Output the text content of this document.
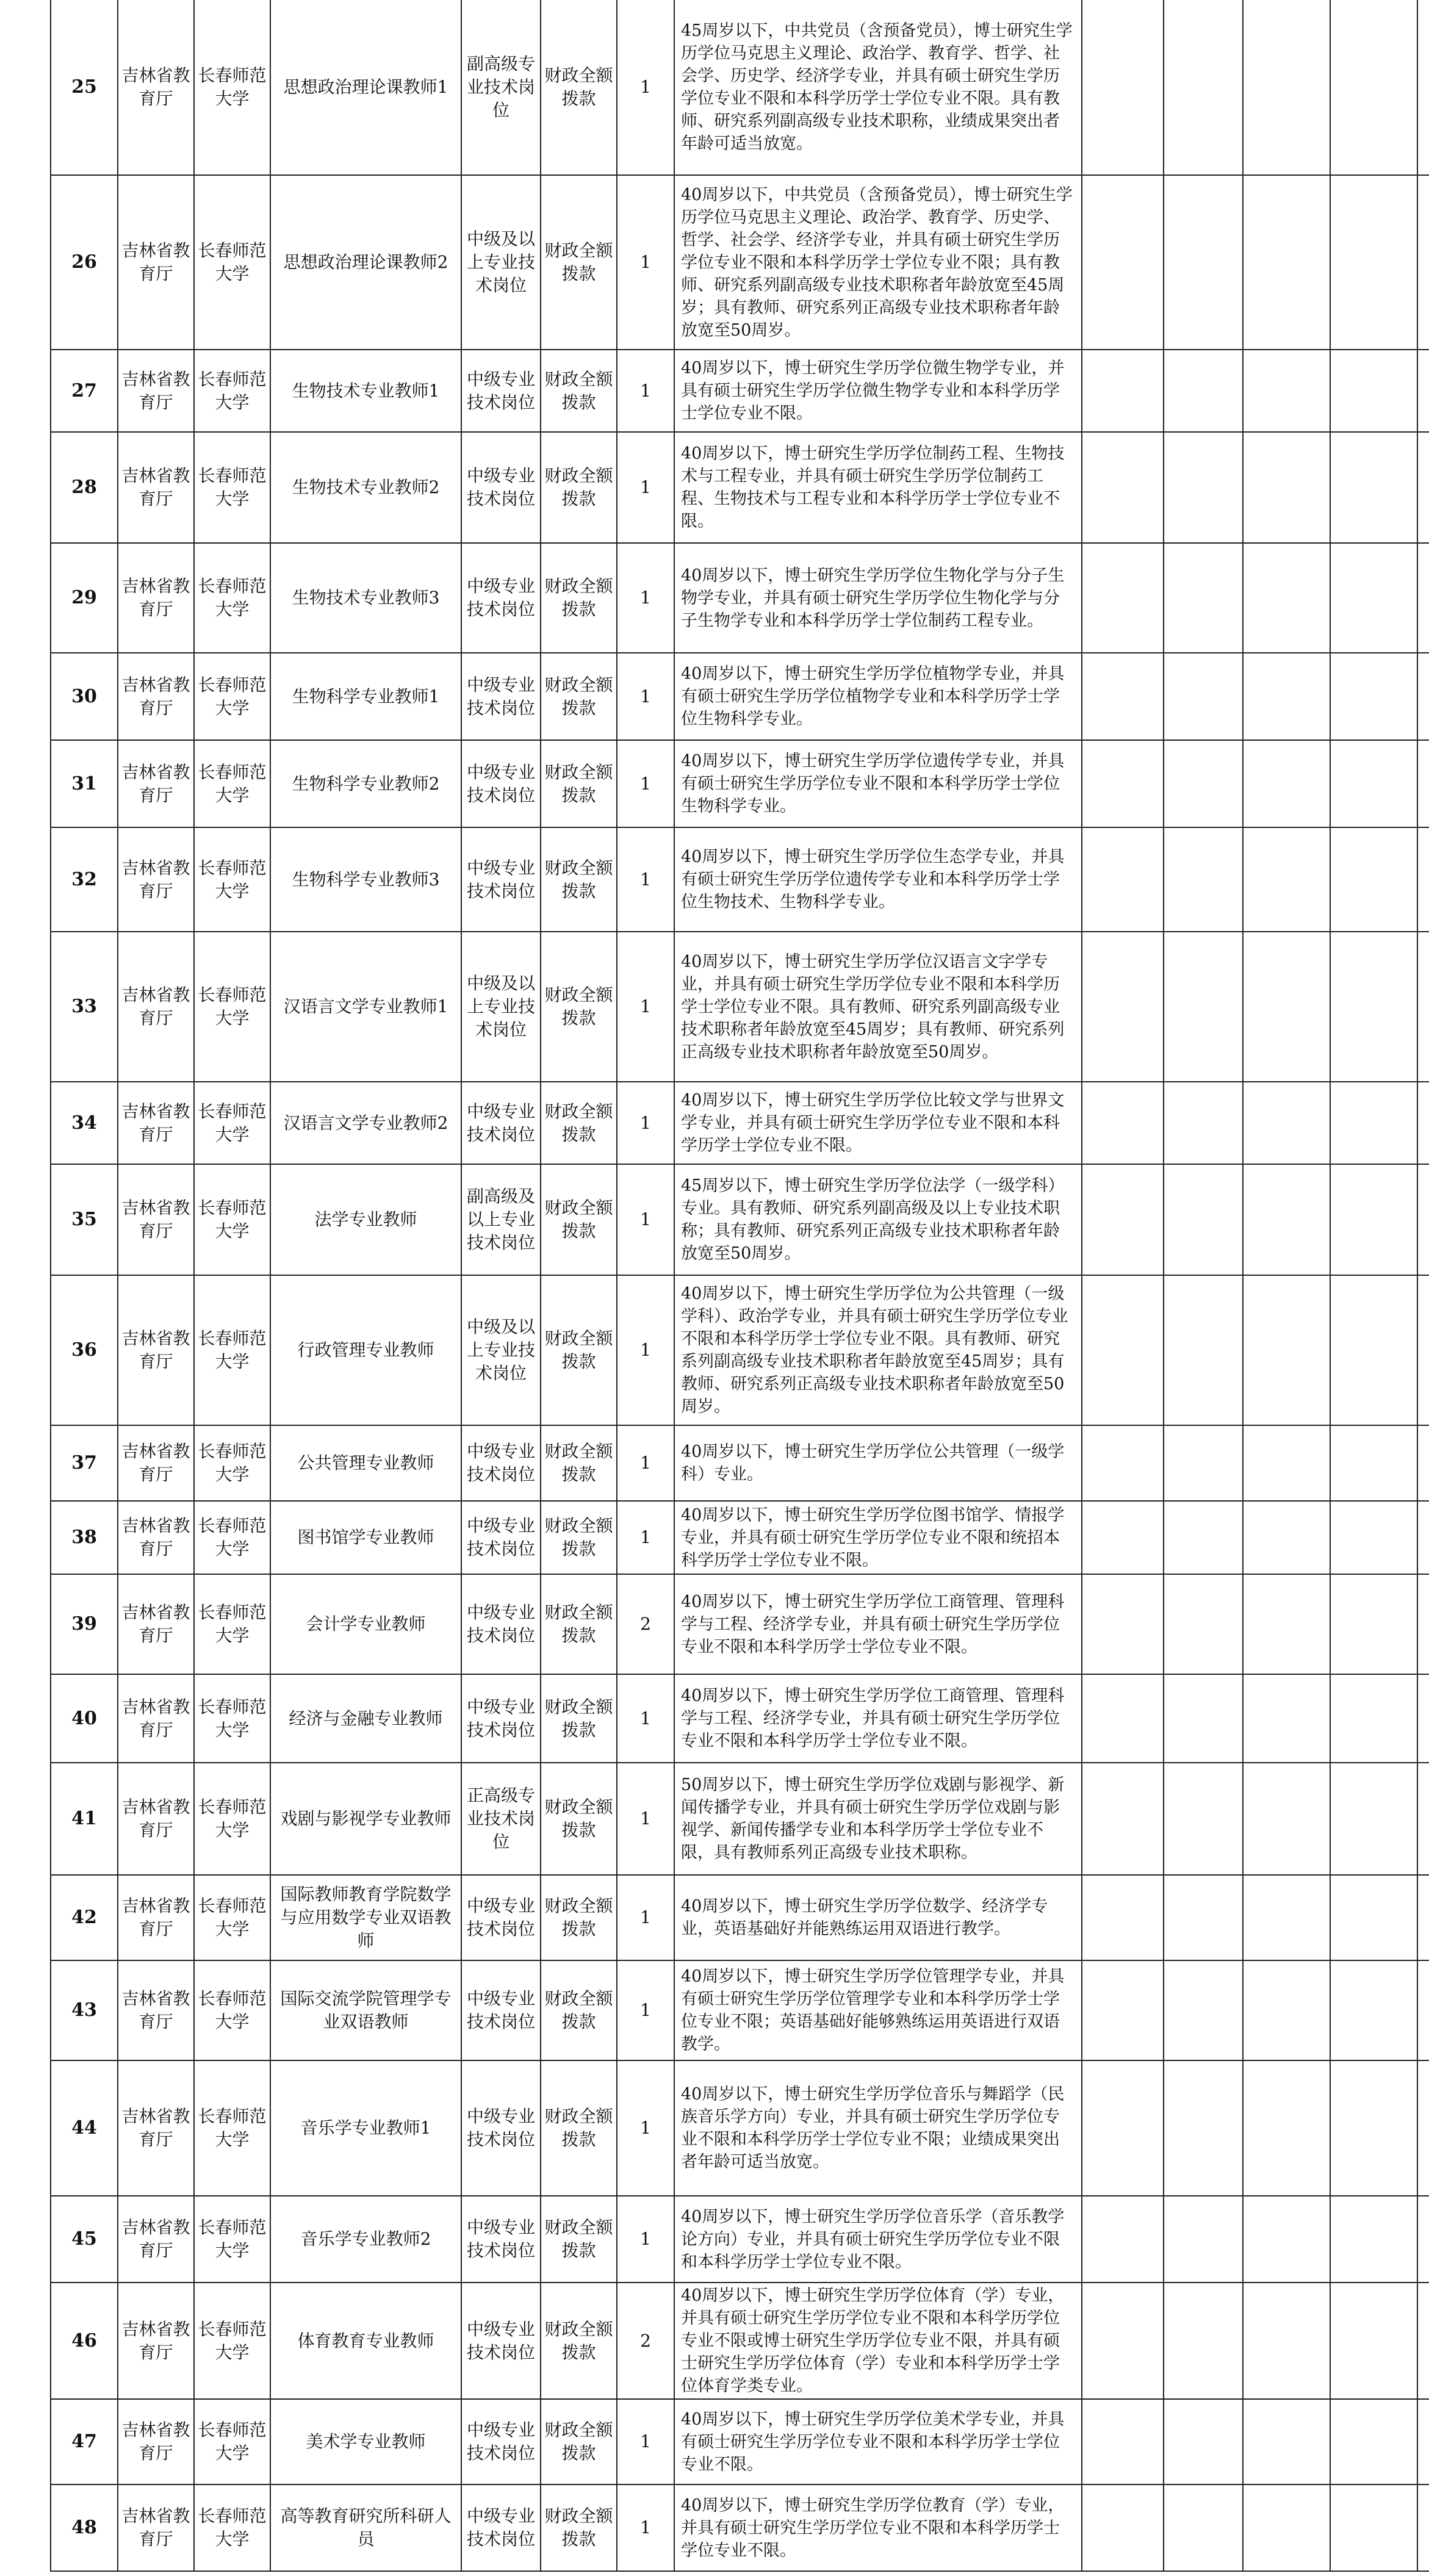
25	吉林省教育厅	长春师范大学	思想政治理论课教师1	副高级专业技术岗位	财政全额拨款	1	45周岁以下，中共党员（含预备党员），博士研究生学历学位马克思主义理论、政治学、教育学、哲学、社会学、历史学、经济学专业，并具有硕士研究生学历学位专业不限和本科学历学士学位专业不限。具有教师、研究系列副高级专业技术职称，业绩成果突出者年龄可适当放宽。					
26	吉林省教育厅	长春师范大学	思想政治理论课教师2	中级及以上专业技术岗位	财政全额拨款	1	40周岁以下，中共党员（含预备党员），博士研究生学历学位马克思主义理论、政治学、教育学、历史学、哲学、社会学、经济学专业，并具有硕士研究生学历学位专业不限和本科学历学士学位专业不限；具有教师、研究系列副高级专业技术职称者年龄放宽至45周岁；具有教师、研究系列正高级专业技术职称者年龄放宽至50周岁。					
27	吉林省教育厅	长春师范大学	生物技术专业教师1	中级专业技术岗位	财政全额拨款	1	40周岁以下，博士研究生学历学位微生物学专业，并具有硕士研究生学历学位微生物学专业和本科学历学士学位专业不限。					
28	吉林省教育厅	长春师范大学	生物技术专业教师2	中级专业技术岗位	财政全额拨款	1	40周岁以下，博士研究生学历学位制药工程、生物技术与工程专业，并具有硕士研究生学历学位制药工程、生物技术与工程专业和本科学历学士学位专业不限。					
29	吉林省教育厅	长春师范大学	生物技术专业教师3	中级专业技术岗位	财政全额拨款	1	40周岁以下，博士研究生学历学位生物化学与分子生物学专业，并具有硕士研究生学历学位生物化学与分子生物学专业和本科学历学士学位制药工程专业。					
30	吉林省教育厅	长春师范大学	生物科学专业教师1	中级专业技术岗位	财政全额拨款	1	40周岁以下，博士研究生学历学位植物学专业，并具有硕士研究生学历学位植物学专业和本科学历学士学位生物科学专业。					
31	吉林省教育厅	长春师范大学	生物科学专业教师2	中级专业技术岗位	财政全额拨款	1	40周岁以下，博士研究生学历学位遗传学专业，并具有硕士研究生学历学位专业不限和本科学历学士学位生物科学专业。					
32	吉林省教育厅	长春师范大学	生物科学专业教师3	中级专业技术岗位	财政全额拨款	1	40周岁以下，博士研究生学历学位生态学专业，并具有硕士研究生学历学位遗传学专业和本科学历学士学位生物技术、生物科学专业。					
33	吉林省教育厅	长春师范大学	汉语言文学专业教师1	中级及以上专业技术岗位	财政全额拨款	1	40周岁以下，博士研究生学历学位汉语言文字学专业，并具有硕士研究生学历学位专业不限和本科学历学士学位专业不限。具有教师、研究系列副高级专业技术职称者年龄放宽至45周岁；具有教师、研究系列正高级专业技术职称者年龄放宽至50周岁。					
34	吉林省教育厅	长春师范大学	汉语言文学专业教师2	中级专业技术岗位	财政全额拨款	1	40周岁以下，博士研究生学历学位比较文学与世界文学专业，并具有硕士研究生学历学位专业不限和本科学历学士学位专业不限。					
35	吉林省教育厅	长春师范大学	法学专业教师	副高级及以上专业技术岗位	财政全额拨款	1	45周岁以下，博士研究生学历学位法学（一级学科）专业。具有教师、研究系列副高级及以上专业技术职称；具有教师、研究系列正高级专业技术职称者年龄放宽至50周岁。					
36	吉林省教育厅	长春师范大学	行政管理专业教师	中级及以上专业技术岗位	财政全额拨款	1	40周岁以下，博士研究生学历学位为公共管理（一级学科）、政治学专业，并具有硕士研究生学历学位专业不限和本科学历学士学位专业不限。具有教师、研究系列副高级专业技术职称者年龄放宽至45周岁；具有教师、研究系列正高级专业技术职称者年龄放宽至50周岁。					
37	吉林省教育厅	长春师范大学	公共管理专业教师	中级专业技术岗位	财政全额拨款	1	40周岁以下，博士研究生学历学位公共管理（一级学科）专业。					
38	吉林省教育厅	长春师范大学	图书馆学专业教师	中级专业技术岗位	财政全额拨款	1	40周岁以下，博士研究生学历学位图书馆学、情报学专业，并具有硕士研究生学历学位专业不限和统招本科学历学士学位专业不限。					
39	吉林省教育厅	长春师范大学	会计学专业教师	中级专业技术岗位	财政全额拨款	2	40周岁以下，博士研究生学历学位工商管理、管理科学与工程、经济学专业，并具有硕士研究生学历学位专业不限和本科学历学士学位专业不限。					
40	吉林省教育厅	长春师范大学	经济与金融专业教师	中级专业技术岗位	财政全额拨款	1	40周岁以下，博士研究生学历学位工商管理、管理科学与工程、经济学专业，并具有硕士研究生学历学位专业不限和本科学历学士学位专业不限。					
41	吉林省教育厅	长春师范大学	戏剧与影视学专业教师	正高级专业技术岗位	财政全额拨款	1	50周岁以下，博士研究生学历学位戏剧与影视学、新闻传播学专业，并具有硕士研究生学历学位戏剧与影视学、新闻传播学专业和本科学历学士学位专业不限，具有教师系列正高级专业技术职称。					
42	吉林省教育厅	长春师范大学	国际教师教育学院数学与应用数学专业双语教师	中级专业技术岗位	财政全额拨款	1	40周岁以下，博士研究生学历学位数学、经济学专业，英语基础好并能熟练运用双语进行教学。					
43	吉林省教育厅	长春师范大学	国际交流学院管理学专业双语教师	中级专业技术岗位	财政全额拨款	1	40周岁以下，博士研究生学历学位管理学专业，并具有硕士研究生学历学位管理学专业和本科学历学士学位专业不限；英语基础好能够熟练运用英语进行双语教学。					
44	吉林省教育厅	长春师范大学	音乐学专业教师1	中级专业技术岗位	财政全额拨款	1	40周岁以下，博士研究生学历学位音乐与舞蹈学（民族音乐学方向）专业，并具有硕士研究生学历学位专业不限和本科学历学士学位专业不限；业绩成果突出者年龄可适当放宽。					
45	吉林省教育厅	长春师范大学	音乐学专业教师2	中级专业技术岗位	财政全额拨款	1	40周岁以下，博士研究生学历学位音乐学（音乐教学论方向）专业，并具有硕士研究生学历学位专业不限和本科学历学士学位专业不限。					
46	吉林省教育厅	长春师范大学	体育教育专业教师	中级专业技术岗位	财政全额拨款	2	40周岁以下，博士研究生学历学位体育（学）专业，并具有硕士研究生学历学位专业不限和本科学历学位专业不限或博士研究生学历学位专业不限，并具有硕士研究生学历学位体育（学）专业和本科学历学士学位体育学类专业。					
47	吉林省教育厅	长春师范大学	美术学专业教师	中级专业技术岗位	财政全额拨款	1	40周岁以下，博士研究生学历学位美术学专业，并具有硕士研究生学历学位专业不限和本科学历学士学位专业不限。					
48	吉林省教育厅	长春师范大学	高等教育研究所科研人员	中级专业技术岗位	财政全额拨款	1	40周岁以下，博士研究生学历学位教育（学）专业，并具有硕士研究生学历学位专业不限和本科学历学士学位专业不限。					
